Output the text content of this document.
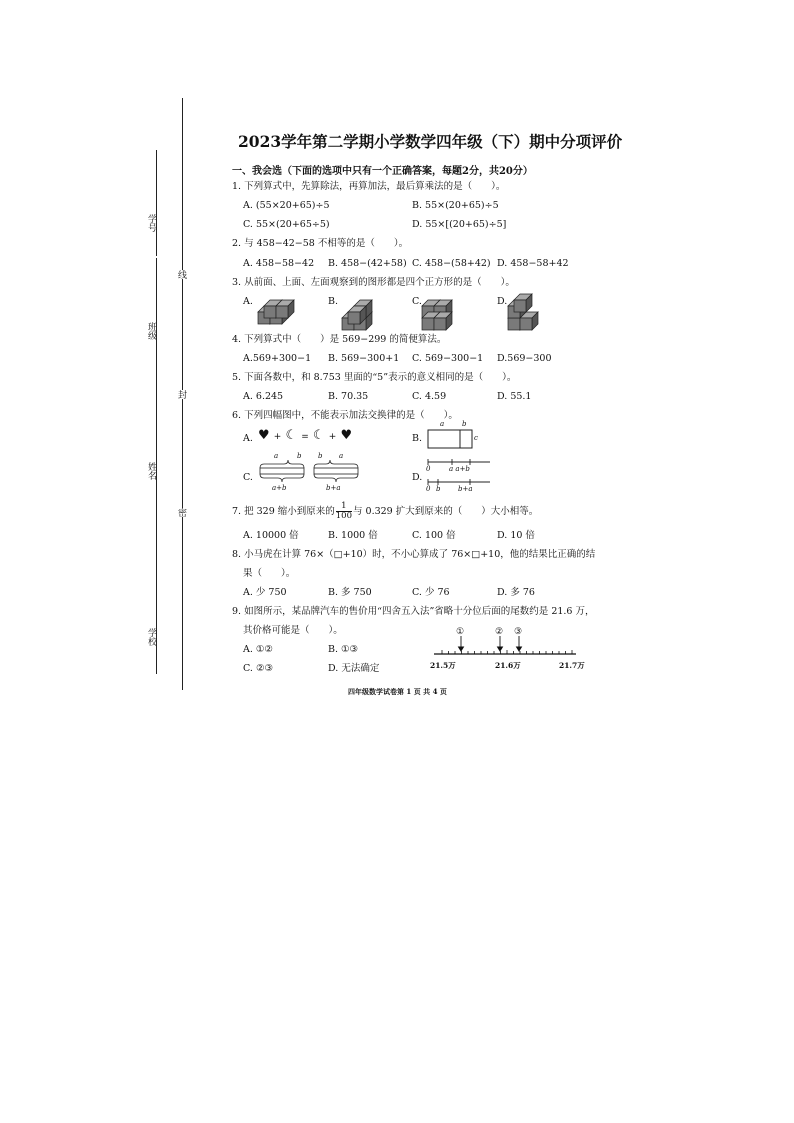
线
封
密
学号
班级
姓名
学校
2023学年第二学期小学数学四年级（下）期中分项评价
一、我会选（下面的选项中只有一个正确答案，每题2分，共20分）
1. 下列算式中，先算除法，再算加法，最后算乘法的是（　　）。
A. (55×20+65)÷5	B. 55×(20+65)÷5
C. 55×(20+65÷5)	D. 55×[(20+65)÷5]
2. 与 458−42−58 不相等的是（　　）。
A. 458−58−42 B. 458−(42+58) C. 458−(58+42) D. 458−58+42
3. 从前面、上面、左面观察到的图形都是四个正方形的是（　　）。
A.	B.	C.	D.
4. 下列算式中（　　）是 569−299 的简便算法。
A.569+300−1 B. 569−300+1 C. 569−300−1 D.569−300
5. 下面各数中，和 8.753 里面的“5”表示的意义相同的是（　　）。
A. 6.245	B. 70.35	C. 4.59	D. 55.1
6. 下列四幅图中，不能表示加法交换律的是（　　）。
A.	B.
C.	D.
♥ + ☾ = ☾ + ♥
a	b
c
a	b b a
a+b	b+a
0	a a+b
0 b	b+a
7. 把 329 缩小到原来的 $\frac{1}{100}$ 与 0.329 扩大到原来的（　　）大小相等。
A. 10000 倍	B. 1000 倍	C. 100 倍	D. 10 倍
8. 小马虎在计算 76×（□+10）时，不小心算成了 76×□+10，他的结果比正确的结
果（　　）。
A. 少 750	B. 多 750	C. 少 76	D. 多 76
9. 如图所示，某品牌汽车的售价用“四舍五入法”省略十分位后面的尾数约是 21.6 万，
其价格可能是（　　）。
A. ①②	B. ①③
C. ②③	D. 无法确定
①	② ③
21.5万	21.6万	21.7万
四年级数学试卷第 1 页 共 4 页
